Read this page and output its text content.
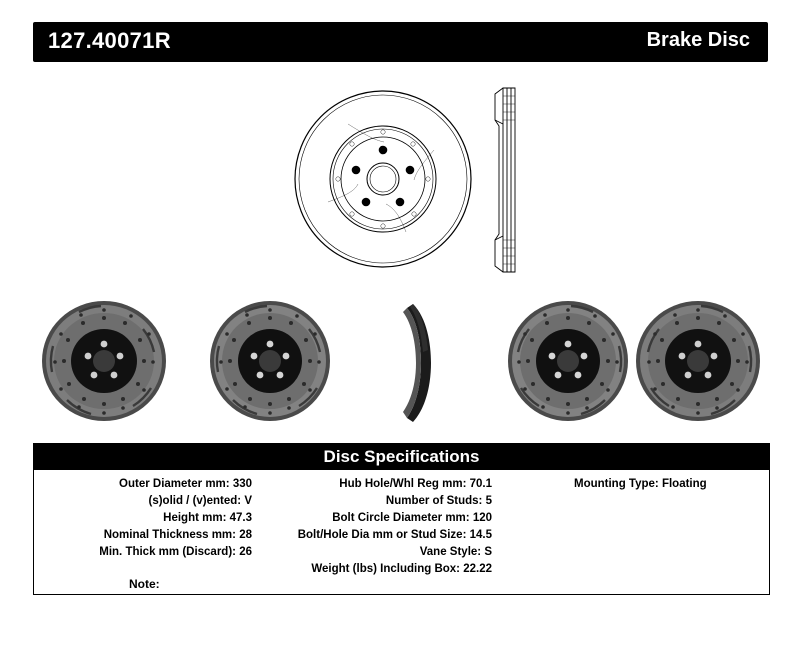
127.40071R	Brake Disc
Disc Specifications
Outer Diameter mm: 330
(s)olid / (v)ented: V
Height mm: 47.3
Nominal Thickness mm: 28
Min. Thick mm (Discard): 26
Hub Hole/Whl Reg mm: 70.1
Number of Studs: 5
Bolt Circle Diameter mm: 120
Bolt/Hole Dia mm or Stud Size: 14.5
Vane Style: S
Weight (lbs) Including Box: 22.22
Mounting Type: Floating
Note:
